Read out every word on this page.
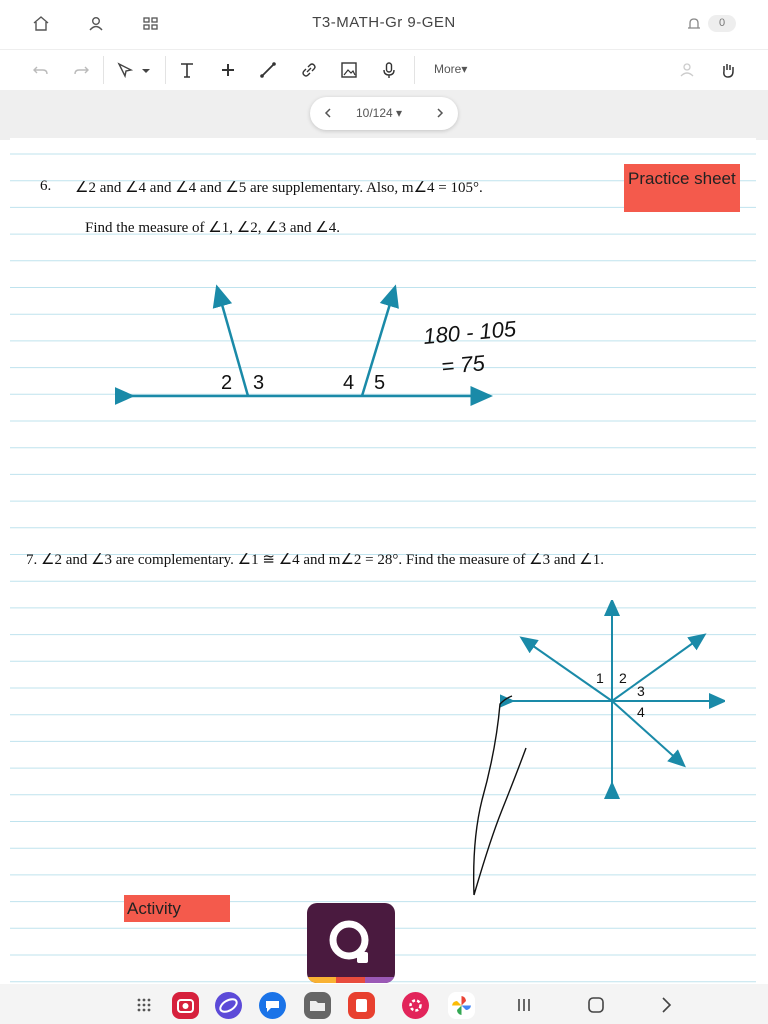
T3-MATH-Gr 9-GEN	0
More▾
10/124 ▾
6. ∠2 and ∠4 and ∠4 and ∠5 are supplementary. Also, m∠4 = 105°.
Find the measure of ∠1, ∠2, ∠3 and ∠4.
Practice sheet
2 3	4 5
180 - 105
= 75
7. ∠2 and ∠3 are complementary. ∠1 ≅ ∠4 and m∠2 = 28°. Find the measure of ∠3 and ∠1.
1 2
3
4
Activity
